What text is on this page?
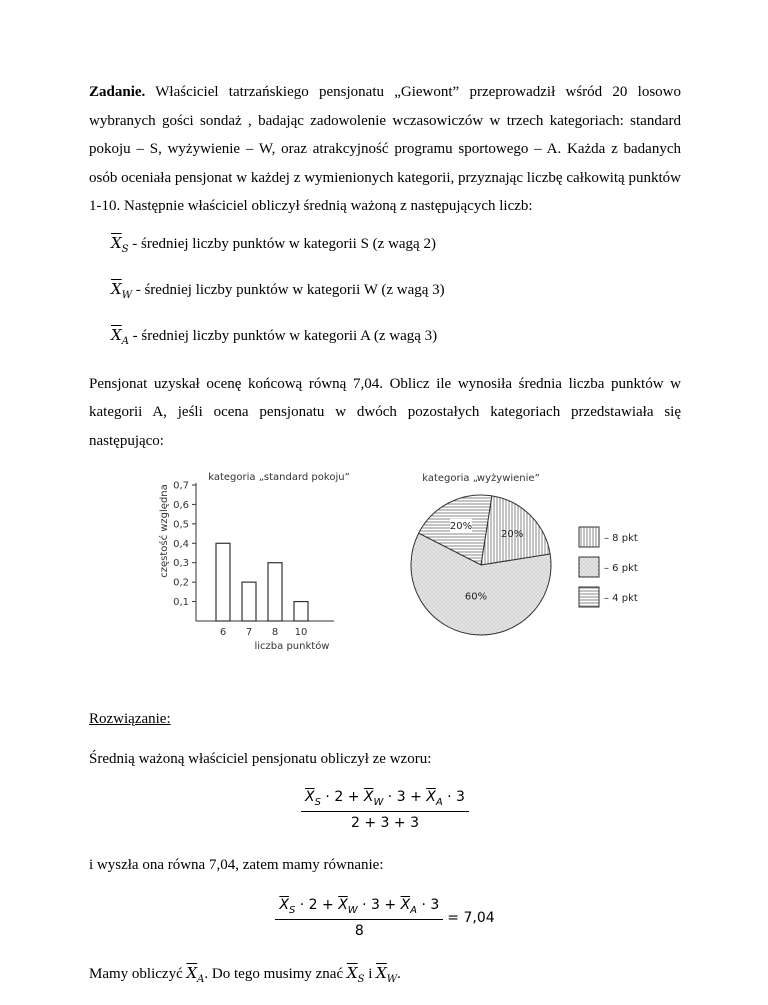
Zadanie. Właściciel tatrzańskiego pensjonatu „Giewont” przeprowadził wśród 20 losowo wybranych gości sondaż , badając zadowolenie wczasowiczów w trzech kategoriach: standard pokoju – S, wyżywienie – W, oraz atrakcyjność programu sportowego – A. Każda z badanych osób oceniała pensjonat w każdej z wymienionych kategorii, przyznając liczbę całkowitą punktów 1-10. Następnie właściciel obliczył średnią ważoną z następujących liczb:

$\overline{X}_S$ - średniej liczby punktów w kategorii S (z wagą 2)

$\overline{X}_W$ - średniej liczby punktów w kategorii W (z wagą 3)

$\overline{X}_A$ - średniej liczby punktów w kategorii A (z wagą 3)

Pensjonat uzyskał ocenę końcową równą 7,04. Oblicz ile wynosiła średnia liczba punktów w kategorii A, jeśli ocena pensjonatu w dwóch pozostałych kategoriach przedstawiała się następująco:

kategoria „standard pokoju”
częstość względna
0,1
0,2
0,3
0,4
0,5
0,6
0,7
6 7 8 10
liczba punktów
kategoria „wyżywienie”
20%
20%
60%
– 8 pkt
– 6 pkt
– 4 pkt

Rozwiązanie:

Średnią ważoną właściciel pensjonatu obliczył ze wzoru:

$\frac{\overline{X}_S \cdot 2 + \overline{X}_W \cdot 3 + \overline{X}_A \cdot 3}{2 + 3 + 3}$

i wyszła ona równa 7,04, zatem mamy równanie:

$\frac{\overline{X}_S \cdot 2 + \overline{X}_W \cdot 3 + \overline{X}_A \cdot 3}{8} = 7,04$

Mamy obliczyć $\overline{X}_A$. Do tego musimy znać $\overline{X}_S$ i $\overline{X}_W$.
